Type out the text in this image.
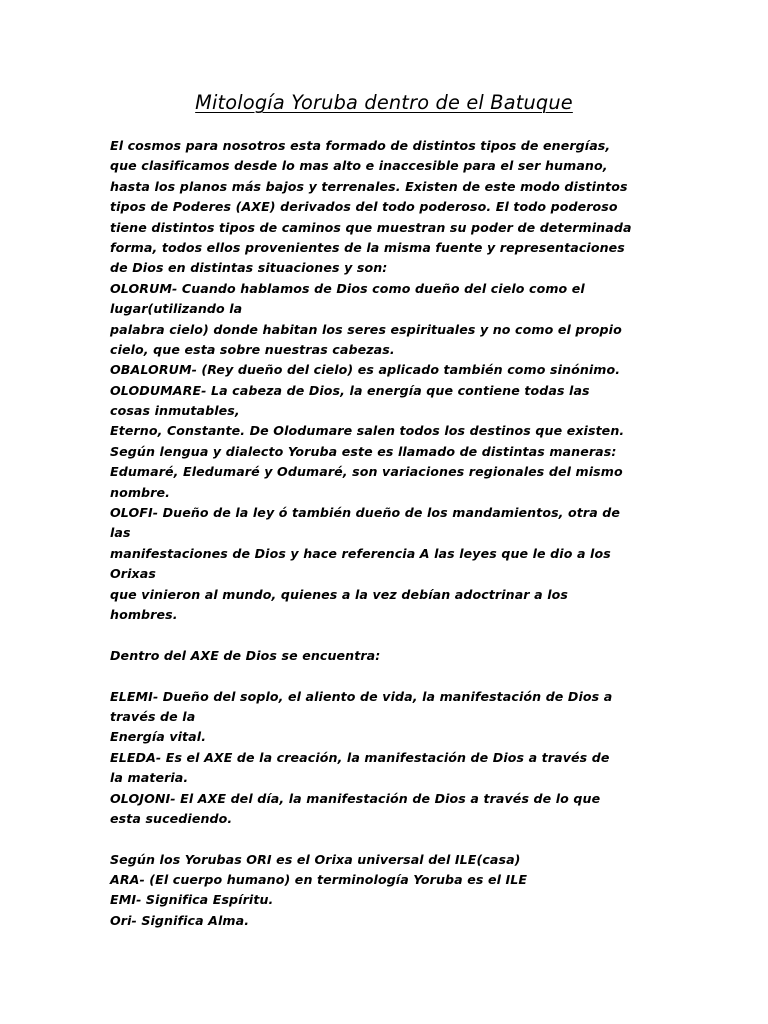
Mitología Yoruba dentro de el Batuque
El cosmos para nosotros esta formado de distintos tipos de energías,
que clasificamos desde lo mas alto e inaccesible para el ser humano,
hasta los planos más bajos y terrenales. Existen de este modo distintos
tipos de Poderes (AXE) derivados del todo poderoso. El todo poderoso
tiene distintos tipos de caminos que muestran su poder de determinada
forma, todos ellos provenientes de la misma fuente y representaciones
de Dios en distintas situaciones y son:
OLORUM- Cuando hablamos de Dios como dueño del cielo como el
lugar(utilizando la
palabra cielo) donde habitan los seres espirituales y no como el propio
cielo, que esta sobre nuestras cabezas.
OBALORUM- (Rey dueño del cielo) es aplicado también como sinónimo.
OLODUMARE- La cabeza de Dios, la energía que contiene todas las
cosas inmutables,
Eterno, Constante. De Olodumare salen todos los destinos que existen.
Según lengua y dialecto Yoruba este es llamado de distintas maneras:
Edumaré, Eledumaré y Odumaré, son variaciones regionales del mismo
nombre.
OLOFI- Dueño de la ley ó también dueño de los mandamientos, otra de
las
manifestaciones de Dios y hace referencia A las leyes que le dio a los
Orixas
que vinieron al mundo, quienes a la vez debían adoctrinar a los
hombres.
Dentro del AXE de Dios se encuentra:
ELEMI- Dueño del soplo, el aliento de vida, la manifestación de Dios a
través de la
Energía vital.
ELEDA- Es el AXE de la creación, la manifestación de Dios a través de
la materia.
OLOJONI- El AXE del día, la manifestación de Dios a través de lo que
esta sucediendo.
Según los Yorubas ORI es el Orixa universal del ILE(casa)
ARA- (El cuerpo humano) en terminología Yoruba es el ILE
EMI- Significa Espíritu.
Ori- Significa Alma.
